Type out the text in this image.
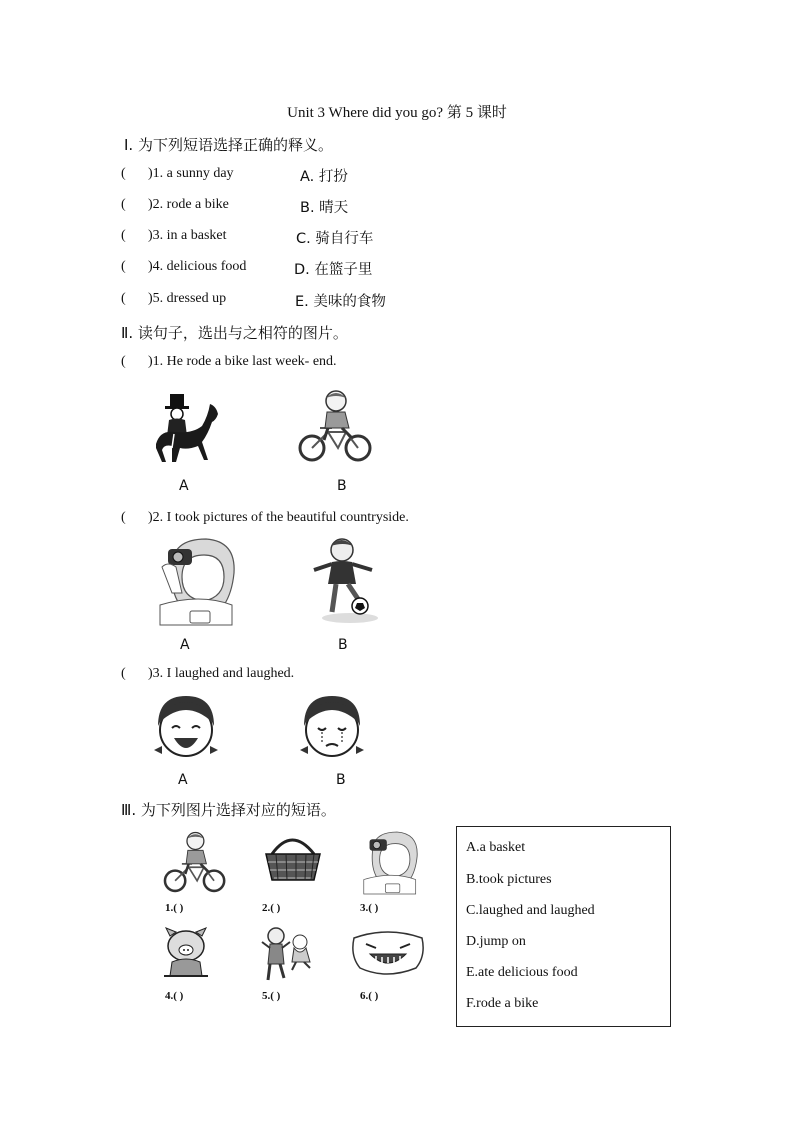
Unit 3 Where did you go? 第 5 课时
Ⅰ. 为下列短语选择正确的释义。
( )1. a sunny day	A. 打扮
( )2. rode a bike	B. 晴天
( )3. in a basket	C. 骑自行车
( )4. delicious food	D. 在篮子里
( )5. dressed up	E. 美味的食物
Ⅱ. 读句子，选出与之相符的图片。
( )1. He rode a bike last week- end.
A	B
( )2. I took pictures of the beautiful countryside.
A	B
( )3. I laughed and laughed.
A	B
Ⅲ. 为下列图片选择对应的短语。
1.( )	2.( )	3.( )
4.( )	5.( )	6.( )
A.a basket
B.took pictures
C.laughed and laughed
D.jump on
E.ate delicious food
F.rode a bike
